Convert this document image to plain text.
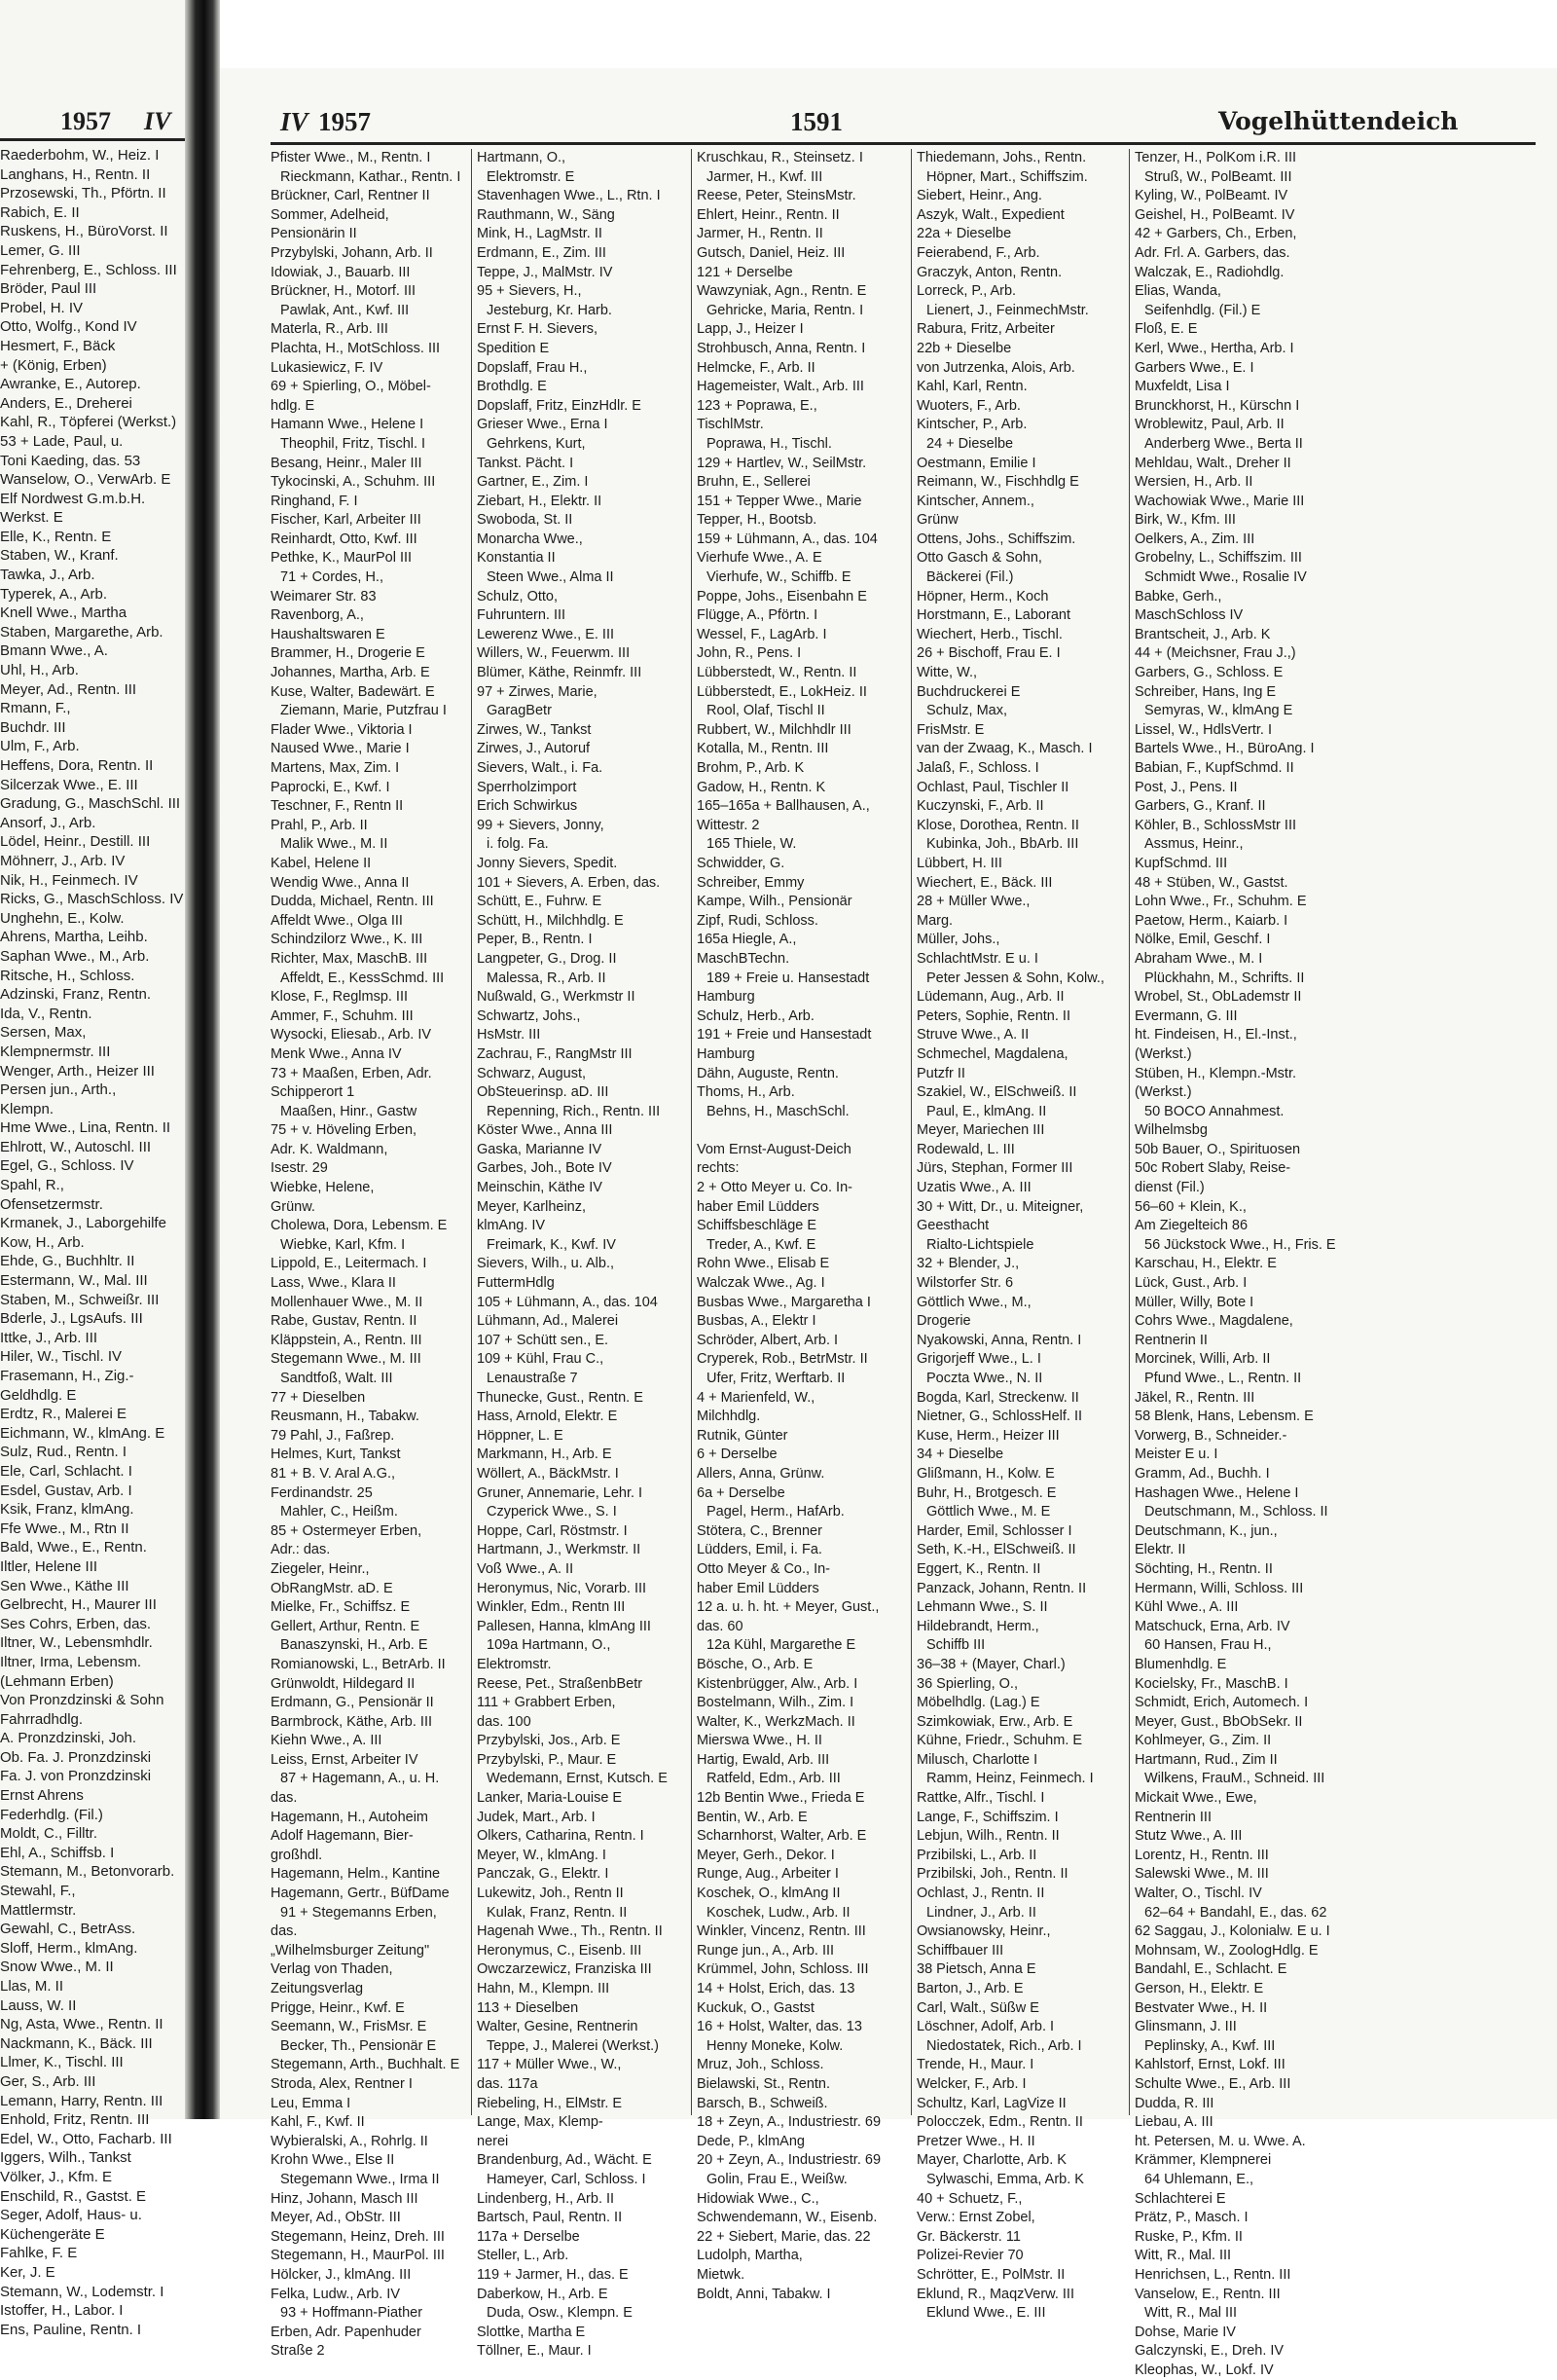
1957 IV
Raederbohm, W., Heiz. I
Langhans, H., Rentn. II
Przosewski, Th., Pförtn. II
Rabich, E. II
Ruskens, H., BüroVorst. II
Lemer, G. III
Fehrenberg, E., Schloss. III
Bröder, Paul III
Probel, H. IV
Otto, Wolfg., Kond IV
Hesmert, F., Bäck
+ (König, Erben)
Awranke, E., Autorep.
Anders, E., Dreherei
Kahl, R., Töpferei (Werkst.)
53 + Lade, Paul, u.
Toni Kaeding, das. 53
Wanselow, O., VerwArb. E
Elf Nordwest G.m.b.H.
Werkst. E
Elle, K., Rentn. E
Staben, W., Kranf.
Tawka, J., Arb.
Typerek, A., Arb.
Knell Wwe., Martha
Staben, Margarethe, Arb.
Bmann Wwe., A.
Uhl, H., Arb.
Meyer, Ad., Rentn. III
Rmann, F.,
Buchdr. III
Ulm, F., Arb.
Heffens, Dora, Rentn. II
Silcerzak Wwe., E. III
Gradung, G., MaschSchl. III
Ansorf, J., Arb.
Lödel, Heinr., Destill. III
Möhnerr, J., Arb. IV
Nik, H., Feinmech. IV
Ricks, G., MaschSchloss. IV
Unghehn, E., Kolw.
Ahrens, Martha, Leihb.
Saphan Wwe., M., Arb.
Ritsche, H., Schloss.
Adzinski, Franz, Rentn.
Ida, V., Rentn.
Sersen, Max,
Klempnermstr. III
Wenger, Arth., Heizer III
Persen jun., Arth.,
Klempn.
Hme Wwe., Lina, Rentn. II
Ehlrott, W., Autoschl. III
Egel, G., Schloss. IV
Spahl, R.,
Ofensetzermstr.
Krmanek, J., Laborgehilfe
Kow, H., Arb.
Ehde, G., Buchhltr. II
Estermann, W., Mal. III
Staben, M., Schweißr. III
Bderle, J., LgsAufs. III
Ittke, J., Arb. III
Hiler, W., Tischl. IV
Frasemann, H., Zig.-
Geldhdlg. E
Erdtz, R., Malerei E
Eichmann, W., klmAng. E
Sulz, Rud., Rentn. I
Ele, Carl, Schlacht. I
Esdel, Gustav, Arb. I
Ksik, Franz, klmAng.
Ffe Wwe., M., Rtn II
Bald, Wwe., E., Rentn.
Iltler, Helene III
Sen Wwe., Käthe III
Gelbrecht, H., Maurer III
Ses Cohrs, Erben, das.
Iltner, W., Lebensmhdlr.
Iltner, Irma, Lebensm.
(Lehmann Erben)
Von Pronzdzinski & Sohn
Fahrradhdlg.
A. Pronzdzinski, Joh.
Ob. Fa. J. Pronzdzinski
Fa. J. von Pronzdzinski
Ernst Ahrens
Federhdlg. (Fil.)
Moldt, C., Filltr.
Ehl, A., Schiffsb. I
Stemann, M., Betonvorarb.
Stewahl, F.,
Mattlermstr.
Gewahl, C., BetrAss.
Sloff, Herm., klmAng.
Snow Wwe., M. II
Llas, M. II
Lauss, W. II
Ng, Asta, Wwe., Rentn. II
Nackmann, K., Bäck. III
Llmer, K., Tischl. III
Ger, S., Arb. III
Lemann, Harry, Rentn. III
Enhold, Fritz, Rentn. III
Edel, W., Otto, Facharb. III
Iggers, Wilh., Tankst
Völker, J., Kfm. E
Enschild, R., Gastst. E
Seger, Adolf, Haus- u.
Küchengeräte E
Fahlke, F. E
Ker, J. E
Stemann, W., Lodemstr. I
Istoffer, H., Labor. I
Ens, Pauline, Rentn. I
IV 1957	1591	Vogelhüttendeich
Pfister Wwe., M., Rentn. I
Rieckmann, Kathar., Rentn. I
Brückner, Carl, Rentner II
Sommer, Adelheid,
Pensionärin II
Przybylski, Johann, Arb. II
Idowiak, J., Bauarb. III
Brückner, H., Motorf. III
Pawlak, Ant., Kwf. III
Materla, R., Arb. III
Plachta, H., MotSchloss. III
Lukasiewicz, F. IV
69 + Spierling, O., Möbel-
hdlg. E
Hamann Wwe., Helene I
Theophil, Fritz, Tischl. I
Besang, Heinr., Maler III
Tykocinski, A., Schuhm. III
Ringhand, F. I
Fischer, Karl, Arbeiter III
Reinhardt, Otto, Kwf. III
Pethke, K., MaurPol III
71 + Cordes, H.,
Weimarer Str. 83
Ravenborg, A.,
Haushaltswaren E
Brammer, H., Drogerie E
Johannes, Martha, Arb. E
Kuse, Walter, Badewärt. E
Ziemann, Marie, Putzfrau I
Flader Wwe., Viktoria I
Naused Wwe., Marie I
Martens, Max, Zim. I
Paprocki, E., Kwf. I
Teschner, F., Rentn II
Prahl, P., Arb. II
Malik Wwe., M. II
Kabel, Helene II
Wendig Wwe., Anna II
Dudda, Michael, Rentn. III
Affeldt Wwe., Olga III
Schindzilorz Wwe., K. III
Richter, Max, MaschB. III
Affeldt, E., KessSchmd. III
Klose, F., Reglmsp. III
Ammer, F., Schuhm. III
Wysocki, Eliesab., Arb. IV
Menk Wwe., Anna IV
73 + Maaßen, Erben, Adr.
Schipperort 1
Maaßen, Hinr., Gastw
75 + v. Höveling Erben,
Adr. K. Waldmann,
Isestr. 29
Wiebke, Helene,
Grünw.
Cholewa, Dora, Lebensm. E
Wiebke, Karl, Kfm. I
Lippold, E., Leitermach. I
Lass, Wwe., Klara II
Mollenhauer Wwe., M. II
Rabe, Gustav, Rentn. II
Kläppstein, A., Rentn. III
Stegemann Wwe., M. III
Sandtfoß, Walt. III
77 + Dieselben
Reusmann, H., Tabakw.
79 Pahl, J., Faßrep.
Helmes, Kurt, Tankst
81 + B. V. Aral A.G.,
Ferdinandstr. 25
Mahler, C., Heißm.
85 + Ostermeyer Erben,
Adr.: das.
Ziegeler, Heinr.,
ObRangMstr. aD. E
Mielke, Fr., Schiffsz. E
Gellert, Arthur, Rentn. E
Banaszynski, H., Arb. E
Romianowski, L., BetrArb. II
Grünwoldt, Hildegard II
Erdmann, G., Pensionär II
Barmbrock, Käthe, Arb. III
Kiehn Wwe., A. III
Leiss, Ernst, Arbeiter IV
87 + Hagemann, A., u. H.
das.
Hagemann, H., Autoheim
Adolf Hagemann, Bier-
großhdl.
Hagemann, Helm., Kantine
Hagemann, Gertr., BüfDame
91 + Stegemanns Erben,
das.
„Wilhelmsburger Zeitung"
Verlag von Thaden,
Zeitungsverlag
Prigge, Heinr., Kwf. E
Seemann, W., FrisMsr. E
Becker, Th., Pensionär E
Stegemann, Arth., Buchhalt. E
Stroda, Alex, Rentner I
Leu, Emma I
Kahl, F., Kwf. II
Wybieralski, A., Rohrlg. II
Krohn Wwe., Else II
Stegemann Wwe., Irma II
Hinz, Johann, Masch III
Meyer, Ad., ObStr. III
Stegemann, Heinz, Dreh. III
Stegemann, H., MaurPol. III
Hölcker, J., klmAng. III
Felka, Ludw., Arb. IV
93 + Hoffmann-Piather
Erben, Adr. Papenhuder
Straße 2
Hartmann, O.,
Elektromstr. E
Stavenhagen Wwe., L., Rtn. I
Rauthmann, W., Säng
Mink, H., LagMstr. II
Erdmann, E., Zim. III
Teppe, J., MalMstr. IV
95 + Sievers, H.,
Jesteburg, Kr. Harb.
Ernst F. H. Sievers,
Spedition E
Dopslaff, Frau H.,
Brothdlg. E
Dopslaff, Fritz, EinzHdlr. E
Grieser Wwe., Erna I
Gehrkens, Kurt,
Tankst. Pächt. I
Gartner, E., Zim. I
Ziebart, H., Elektr. II
Swoboda, St. II
Monarcha Wwe.,
Konstantia II
Steen Wwe., Alma II
Schulz, Otto,
Fuhruntern. III
Lewerenz Wwe., E. III
Willers, W., Feuerwm. III
Blümer, Käthe, Reinmfr. III
97 + Zirwes, Marie,
GaragBetr
Zirwes, W., Tankst
Zirwes, J., Autoruf
Sievers, Walt., i. Fa.
Sperrholzimport
Erich Schwirkus
99 + Sievers, Jonny,
i. folg. Fa.
Jonny Sievers, Spedit.
101 + Sievers, A. Erben, das.
Schütt, E., Fuhrw. E
Schütt, H., Milchhdlg. E
Peper, B., Rentn. I
Langpeter, G., Drog. II
Malessa, R., Arb. II
Nußwald, G., Werkmstr II
Schwartz, Johs.,
HsMstr. III
Zachrau, F., RangMstr III
Schwarz, August,
ObSteuerinsp. aD. III
Repenning, Rich., Rentn. III
Köster Wwe., Anna III
Gaska, Marianne IV
Garbes, Joh., Bote IV
Meinschin, Käthe IV
Meyer, Karlheinz,
klmAng. IV
Freimark, K., Kwf. IV
Sievers, Wilh., u. Alb.,
FuttermHdlg
105 + Lühmann, A., das. 104
Lühmann, Ad., Malerei
107 + Schütt sen., E.
109 + Kühl, Frau C.,
Lenaustraße 7
Thunecke, Gust., Rentn. E
Hass, Arnold, Elektr. E
Höppner, L. E
Markmann, H., Arb. E
Wöllert, A., BäckMstr. I
Gruner, Annemarie, Lehr. I
Czyperick Wwe., S. I
Hoppe, Carl, Röstmstr. I
Hartmann, J., Werkmstr. II
Voß Wwe., A. II
Heronymus, Nic, Vorarb. III
Winkler, Edm., Rentn III
Pallesen, Hanna, klmAng III
109a Hartmann, O.,
Elektromstr.
Reese, Pet., StraßenbBetr
111 + Grabbert Erben,
das. 100
Przybylski, Jos., Arb. E
Przybylski, P., Maur. E
Wedemann, Ernst, Kutsch. E
Lanker, Maria-Louise E
Judek, Mart., Arb. I
Olkers, Catharina, Rentn. I
Meyer, W., klmAng. I
Panczak, G., Elektr. I
Lukewitz, Joh., Rentn II
Kulak, Franz, Rentn. II
Hagenah Wwe., Th., Rentn. II
Heronymus, C., Eisenb. III
Owczarzewicz, Franziska III
Hahn, M., Klempn. III
113 + Dieselben
Walter, Gesine, Rentnerin
Teppe, J., Malerei (Werkst.)
117 + Müller Wwe., W.,
das. 117a
Riebeling, H., ElMstr. E
Lange, Max, Klemp-
nerei
Brandenburg, Ad., Wächt. E
Hameyer, Carl, Schloss. I
Lindenberg, H., Arb. II
Bartsch, Paul, Rentn. II
117a + Derselbe
Steller, L., Arb.
119 + Jarmer, H., das. E
Daberkow, H., Arb. E
Duda, Osw., Klempn. E
Slottke, Martha E
Töllner, E., Maur. I
Kruschkau, R., Steinsetz. I
Jarmer, H., Kwf. III
Reese, Peter, SteinsMstr.
Ehlert, Heinr., Rentn. II
Jarmer, H., Rentn. II
Gutsch, Daniel, Heiz. III
121 + Derselbe
Wawzyniak, Agn., Rentn. E
Gehricke, Maria, Rentn. I
Lapp, J., Heizer I
Strohbusch, Anna, Rentn. I
Helmcke, F., Arb. II
Hagemeister, Walt., Arb. III
123 + Poprawa, E.,
TischlMstr.
Poprawa, H., Tischl.
129 + Hartlev, W., SeilMstr.
Bruhn, E., Sellerei
151 + Tepper Wwe., Marie
Tepper, H., Bootsb.
159 + Lühmann, A., das. 104
Vierhufe Wwe., A. E
Vierhufe, W., Schiffb. E
Poppe, Johs., Eisenbahn E
Flügge, A., Pförtn. I
Wessel, F., LagArb. I
John, R., Pens. I
Lübberstedt, W., Rentn. II
Lübberstedt, E., LokHeiz. II
Rool, Olaf, Tischl II
Rubbert, W., Milchhdlr III
Kotalla, M., Rentn. III
Brohm, P., Arb. K
Gadow, H., Rentn. K
165–165a + Ballhausen, A.,
Wittestr. 2
165 Thiele, W.
Schwidder, G.
Schreiber, Emmy
Kampe, Wilh., Pensionär
Zipf, Rudi, Schloss.
165a Hiegle, A.,
MaschBTechn.
189 + Freie u. Hansestadt
Hamburg
Schulz, Herb., Arb.
191 + Freie und Hansestadt
Hamburg
Dähn, Auguste, Rentn.
Thoms, H., Arb.
Behns, H., MaschSchl.
Vom Ernst-August-Deich
rechts:
2 + Otto Meyer u. Co. In-
haber Emil Lüdders
Schiffsbeschläge E
Treder, A., Kwf. E
Rohn Wwe., Elisab E
Walczak Wwe., Ag. I
Busbas Wwe., Margaretha I
Busbas, A., Elektr I
Schröder, Albert, Arb. I
Cryperek, Rob., BetrMstr. II
Ufer, Fritz, Werftarb. II
4 + Marienfeld, W.,
Milchhdlg.
Rutnik, Günter
6 + Derselbe
Allers, Anna, Grünw.
6a + Derselbe
Pagel, Herm., HafArb.
Stötera, C., Brenner
Lüdders, Emil, i. Fa.
Otto Meyer & Co., In-
haber Emil Lüdders
12 a. u. h. ht. + Meyer, Gust.,
das. 60
12a Kühl, Margarethe E
Bösche, O., Arb. E
Kistenbrügger, Alw., Arb. I
Bostelmann, Wilh., Zim. I
Walter, K., WerkzMach. II
Mierswa Wwe., H. II
Hartig, Ewald, Arb. III
Ratfeld, Edm., Arb. III
12b Bentin Wwe., Frieda E
Bentin, W., Arb. E
Scharnhorst, Walter, Arb. E
Meyer, Gerh., Dekor. I
Runge, Aug., Arbeiter I
Koschek, O., klmAng II
Koschek, Ludw., Arb. II
Winkler, Vincenz, Rentn. III
Runge jun., A., Arb. III
Krümmel, John, Schloss. III
14 + Holst, Erich, das. 13
Kuckuk, O., Gastst
16 + Holst, Walter, das. 13
Henny Moneke, Kolw.
Mruz, Joh., Schloss.
Bielawski, St., Rentn.
Barsch, B., Schweiß.
18 + Zeyn, A., Industriestr. 69
Dede, P., klmAng
20 + Zeyn, A., Industriestr. 69
Golin, Frau E., Weißw.
Hidowiak Wwe., C.,
Schwendemann, W., Eisenb.
22 + Siebert, Marie, das. 22
Ludolph, Martha,
Mietwk.
Boldt, Anni, Tabakw. I
Thiedemann, Johs., Rentn.
Höpner, Mart., Schiffszim.
Siebert, Heinr., Ang.
Aszyk, Walt., Expedient
22a + Dieselbe
Feierabend, F., Arb.
Graczyk, Anton, Rentn.
Lorreck, P., Arb.
Lienert, J., FeinmechMstr.
Rabura, Fritz, Arbeiter
22b + Dieselbe
von Jutrzenka, Alois, Arb.
Kahl, Karl, Rentn.
Wuoters, F., Arb.
Kintscher, P., Arb.
24 + Dieselbe
Oestmann, Emilie I
Reimann, W., Fischhdlg E
Kintscher, Annem.,
Grünw
Ottens, Johs., Schiffszim.
Otto Gasch & Sohn,
Bäckerei (Fil.)
Höpner, Herm., Koch
Horstmann, E., Laborant
Wiechert, Herb., Tischl.
26 + Bischoff, Frau E. I
Witte, W.,
Buchdruckerei E
Schulz, Max,
FrisMstr. E
van der Zwaag, K., Masch. I
Jalaß, F., Schloss. I
Ochlast, Paul, Tischler II
Kuczynski, F., Arb. II
Klose, Dorothea, Rentn. II
Kubinka, Joh., BbArb. III
Lübbert, H. III
Wiechert, E., Bäck. III
28 + Müller Wwe.,
Marg.
Müller, Johs.,
SchlachtMstr. E u. I
Peter Jessen & Sohn, Kolw.,
Lüdemann, Aug., Arb. II
Peters, Sophie, Rentn. II
Struve Wwe., A. II
Schmechel, Magdalena,
Putzfr II
Szakiel, W., ElSchweiß. II
Paul, E., klmAng. II
Meyer, Mariechen III
Rodewald, L. III
Jürs, Stephan, Former III
Uzatis Wwe., A. III
30 + Witt, Dr., u. Miteigner,
Geesthacht
Rialto-Lichtspiele
32 + Blender, J.,
Wilstorfer Str. 6
Göttlich Wwe., M.,
Drogerie
Nyakowski, Anna, Rentn. I
Grigorjeff Wwe., L. I
Poczta Wwe., N. II
Bogda, Karl, Streckenw. II
Nietner, G., SchlossHelf. II
Kuse, Herm., Heizer III
34 + Dieselbe
Glißmann, H., Kolw. E
Buhr, H., Brotgesch. E
Göttlich Wwe., M. E
Harder, Emil, Schlosser I
Seth, K.-H., ElSchweiß. II
Eggert, K., Rentn. II
Panzack, Johann, Rentn. II
Lehmann Wwe., S. II
Hildebrandt, Herm.,
Schiffb III
36–38 + (Mayer, Charl.)
36 Spierling, O.,
Möbelhdlg. (Lag.) E
Szimkowiak, Erw., Arb. E
Kühne, Friedr., Schuhm. E
Milusch, Charlotte I
Ramm, Heinz, Feinmech. I
Rattke, Alfr., Tischl. I
Lange, F., Schiffszim. I
Lebjun, Wilh., Rentn. II
Przibilski, L., Arb. II
Przibilski, Joh., Rentn. II
Ochlast, J., Rentn. II
Lindner, J., Arb. II
Owsianowsky, Heinr.,
Schiffbauer III
38 Pietsch, Anna E
Barton, J., Arb. E
Carl, Walt., Süßw E
Löschner, Adolf, Arb. I
Niedostatek, Rich., Arb. I
Trende, H., Maur. I
Welcker, F., Arb. I
Schultz, Karl, LagVize II
Polocczek, Edm., Rentn. II
Pretzer Wwe., H. II
Mayer, Charlotte, Arb. K
Sylwaschi, Emma, Arb. K
40 + Schuetz, F.,
Verw.: Ernst Zobel,
Gr. Bäckerstr. 11
Polizei-Revier 70
Schrötter, E., PolMstr. II
Eklund, R., MaqzVerw. III
Eklund Wwe., E. III
Tenzer, H., PolKom i.R. III
Struß, W., PolBeamt. III
Kyling, W., PolBeamt. IV
Geishel, H., PolBeamt. IV
42 + Garbers, Ch., Erben,
Adr. Frl. A. Garbers, das.
Walczak, E., Radiohdlg.
Elias, Wanda,
Seifenhdlg. (Fil.) E
Floß, E. E
Kerl, Wwe., Hertha, Arb. I
Garbers Wwe., E. I
Muxfeldt, Lisa I
Brunckhorst, H., Kürschn I
Wroblewitz, Paul, Arb. II
Anderberg Wwe., Berta II
Mehldau, Walt., Dreher II
Wersien, H., Arb. II
Wachowiak Wwe., Marie III
Birk, W., Kfm. III
Oelkers, A., Zim. III
Grobelny, L., Schiffszim. III
Schmidt Wwe., Rosalie IV
Babke, Gerh.,
MaschSchloss IV
Brantscheit, J., Arb. K
44 + (Meichsner, Frau J.,)
Garbers, G., Schloss. E
Schreiber, Hans, Ing E
Semyras, W., klmAng E
Lissel, W., HdlsVertr. I
Bartels Wwe., H., BüroAng. I
Babian, F., KupfSchmd. II
Post, J., Pens. II
Garbers, G., Kranf. II
Köhler, B., SchlossMstr III
Assmus, Heinr.,
KupfSchmd. III
48 + Stüben, W., Gastst.
Lohn Wwe., Fr., Schuhm. E
Paetow, Herm., Kaiarb. I
Nölke, Emil, Geschf. I
Abraham Wwe., M. I
Plückhahn, M., Schrifts. II
Wrobel, St., ObLademstr II
Evermann, G. III
ht. Findeisen, H., El.-Inst.,
(Werkst.)
Stüben, H., Klempn.-Mstr.
(Werkst.)
50 BOCO Annahmest.
Wilhelmsbg
50b Bauer, O., Spirituosen
50c Robert Slaby, Reise-
dienst (Fil.)
56–60 + Klein, K.,
Am Ziegelteich 86
56 Jückstock Wwe., H., Fris. E
Karschau, H., Elektr. E
Lück, Gust., Arb. I
Müller, Willy, Bote I
Cohrs Wwe., Magdalene,
Rentnerin II
Morcinek, Willi, Arb. II
Pfund Wwe., L., Rentn. II
Jäkel, R., Rentn. III
58 Blenk, Hans, Lebensm. E
Vorwerg, B., Schneider.-
Meister E u. I
Gramm, Ad., Buchh. I
Hashagen Wwe., Helene I
Deutschmann, M., Schloss. II
Deutschmann, K., jun.,
Elektr. II
Söchting, H., Rentn. II
Hermann, Willi, Schloss. III
Kühl Wwe., A. III
Matschuck, Erna, Arb. IV
60 Hansen, Frau H.,
Blumenhdlg. E
Kocielsky, Fr., MaschB. I
Schmidt, Erich, Automech. I
Meyer, Gust., BbObSekr. II
Kohlmeyer, G., Zim. II
Hartmann, Rud., Zim II
Wilkens, FrauM., Schneid. III
Mickait Wwe., Ewe,
Rentnerin III
Stutz Wwe., A. III
Lorentz, H., Rentn. III
Salewski Wwe., M. III
Walter, O., Tischl. IV
62–64 + Bandahl, E., das. 62
62 Saggau, J., Kolonialw. E u. I
Mohnsam, W., ZoologHdlg. E
Bandahl, E., Schlacht. E
Gerson, H., Elektr. E
Bestvater Wwe., H. II
Glinsmann, J. III
Peplinsky, A., Kwf. III
Kahlstorf, Ernst, Lokf. III
Schulte Wwe., E., Arb. III
Dudda, R. III
Liebau, A. III
ht. Petersen, M. u. Wwe. A.
Krämmer, Klempnerei
64 Uhlemann, E.,
Schlachterei E
Prätz, P., Masch. I
Ruske, P., Kfm. II
Witt, R., Mal. III
Henrichsen, L., Rentn. III
Vanselow, E., Rentn. III
Witt, R., Mal III
Dohse, Marie IV
Galczynski, E., Dreh. IV
Kleophas, W., Lokf. IV
